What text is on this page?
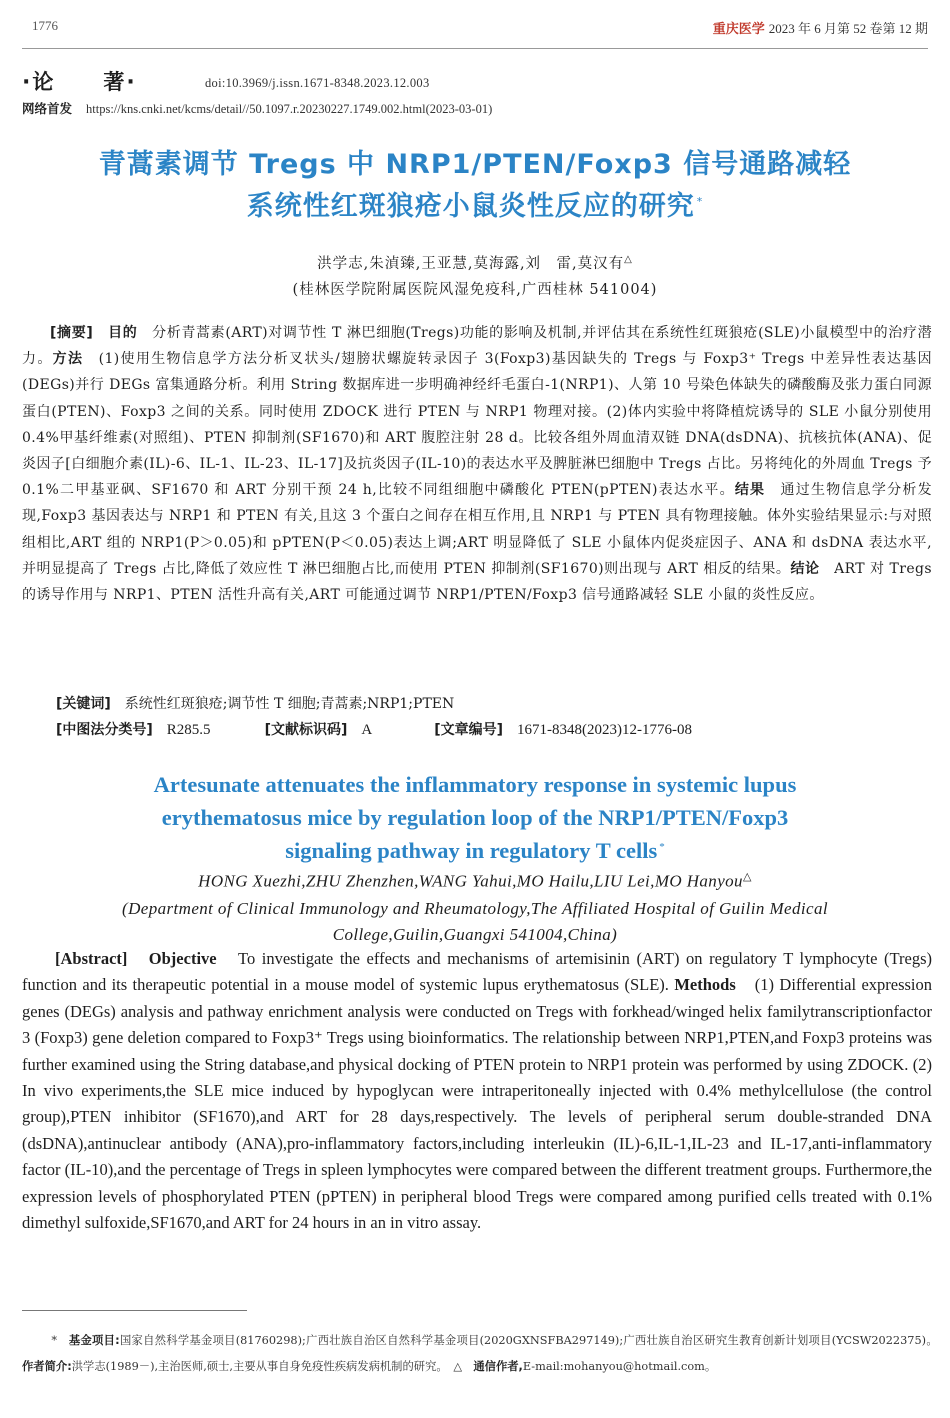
1776	重庆医学 2023 年 6 月第 52 卷第 12 期
·论 著·	doi:10.3969/j.issn.1671-8348.2023.12.003
网络首发 https://kns.cnki.net/kcms/detail//50.1097.r.20230227.1749.002.html(2023-03-01)
青蒿素调节 Tregs 中 NRP1/PTEN/Foxp3 信号通路减轻
系统性红斑狼疮小鼠炎性反应的研究 *
洪学志,朱湞臻,王亚慧,莫海露,刘　雷,莫汉有△
(桂林医学院附属医院风湿免疫科,广西桂林 541004)
[摘要]　 目的　 分析青蒿素(ART)对调节性 T 淋巴细胞(Tregs)功能的影响及机制,并评估其在系统性红斑狼疮(SLE)小鼠模型中的治疗潜力。方法　 (1)使用生物信息学方法分析叉状头/翅膀状螺旋转录因子 3(Foxp3)基因缺失的 Tregs 与 Foxp3⁺ Tregs 中差异性表达基因(DEGs)并行 DEGs 富集通路分析。利用 String 数据库进一步明确神经纤毛蛋白-1(NRP1)、人第 10 号染色体缺失的磷酸酶及张力蛋白同源蛋白(PTEN)、Foxp3 之间的关系。同时使用 ZDOCK 进行 PTEN 与 NRP1 物理对接。(2)体内实验中将降植烷诱导的 SLE 小鼠分别使用 0.4%甲基纤维素(对照组)、PTEN 抑制剂(SF1670)和 ART 腹腔注射 28 d。比较各组外周血清双链 DNA(dsDNA)、抗核抗体(ANA)、促炎因子[白细胞介素(IL)-6、IL-1、IL-23、IL-17]及抗炎因子(IL-10)的表达水平及脾脏淋巴细胞中 Tregs 占比。另将纯化的外周血 Tregs 予 0.1%二甲基亚砜、SF1670 和 ART 分别干预 24 h,比较不同组细胞中磷酸化 PTEN(pPTEN)表达水平。结果　 通过生物信息学分析发现,Foxp3 基因表达与 NRP1 和 PTEN 有关,且这 3 个蛋白之间存在相互作用,且 NRP1 与 PTEN 具有物理接触。体外实验结果显示:与对照组相比,ART 组的 NRP1(P＞0.05)和 pPTEN(P＜0.05)表达上调;ART 明显降低了 SLE 小鼠体内促炎症因子、ANA 和 dsDNA 表达水平,并明显提高了 Tregs 占比,降低了效应性 T 淋巴细胞占比,而使用 PTEN 抑制剂(SF1670)则出现与 ART 相反的结果。结论　 ART 对 Tregs 的诱导作用与 NRP1、PTEN 活性升高有关,ART 可能通过调节 NRP1/PTEN/Foxp3 信号通路减轻 SLE 小鼠的炎性反应。
[关键词]　 系统性红斑狼疮;调节性 T 细胞;青蒿素;NRP1;PTEN
[中图法分类号] R285.5	[文献标识码] A	[文章编号] 1671-8348(2023)12-1776-08
Artesunate attenuates the inflammatory response in systemic lupus
erythematosus mice by regulation loop of the NRP1/PTEN/Foxp3
signaling pathway in regulatory T cells *
HONG Xuezhi,ZHU Zhenzhen,WANG Yahui,MO Hailu,LIU Lei,MO Hanyou△
(Department of Clinical Immunology and Rheumatology,The Affiliated Hospital of Guilin Medical College,Guilin,Guangxi 541004,China)
[Abstract]　 Objective　 To investigate the effects and mechanisms of artemisinin (ART) on regulatory T lymphocyte (Tregs) function and its therapeutic potential in a mouse model of systemic lupus erythematosus (SLE). Methods　 (1) Differential expression genes (DEGs) analysis and pathway enrichment analysis were conducted on Tregs with forkhead/winged helix familytranscriptionfactor 3 (Foxp3) gene deletion compared to Foxp3⁺ Tregs using bioinformatics. The relationship between NRP1,PTEN,and Foxp3 proteins was further examined using the String database,and physical docking of PTEN protein to NRP1 protein was performed by using ZDOCK. (2) In vivo experiments,the SLE mice induced by hypoglycan were intraperitoneally injected with 0.4% methylcellulose (the control group),PTEN inhibitor (SF1670),and ART for 28 days,respectively. The levels of peripheral serum double-stranded DNA (dsDNA),antinuclear antibody (ANA),pro-inflammatory factors,including interleukin (IL)-6,IL-1,IL-23 and IL-17,anti-inflammatory factor (IL-10),and the percentage of Tregs in spleen lymphocytes were compared between the different treatment groups. Furthermore,the expression levels of phosphorylated PTEN (pPTEN) in peripheral blood Tregs were compared among purified cells treated with 0.1% dimethyl sulfoxide,SF1670,and ART for 24 hours in an in vitro assay.
*　 基金项目:国家自然科学基金项目(81760298);广西壮族自治区自然科学基金项目(2020GXNSFBA297149);广西壮族自治区研究生教育创新计划项目(YCSW2022375)。　作者简介:洪学志(1989－),主治医师,硕士,主要从事自身免疫性疾病发病机制的研究。　 △　 通信作者,E-mail:mohanyou@hotmail.com。
